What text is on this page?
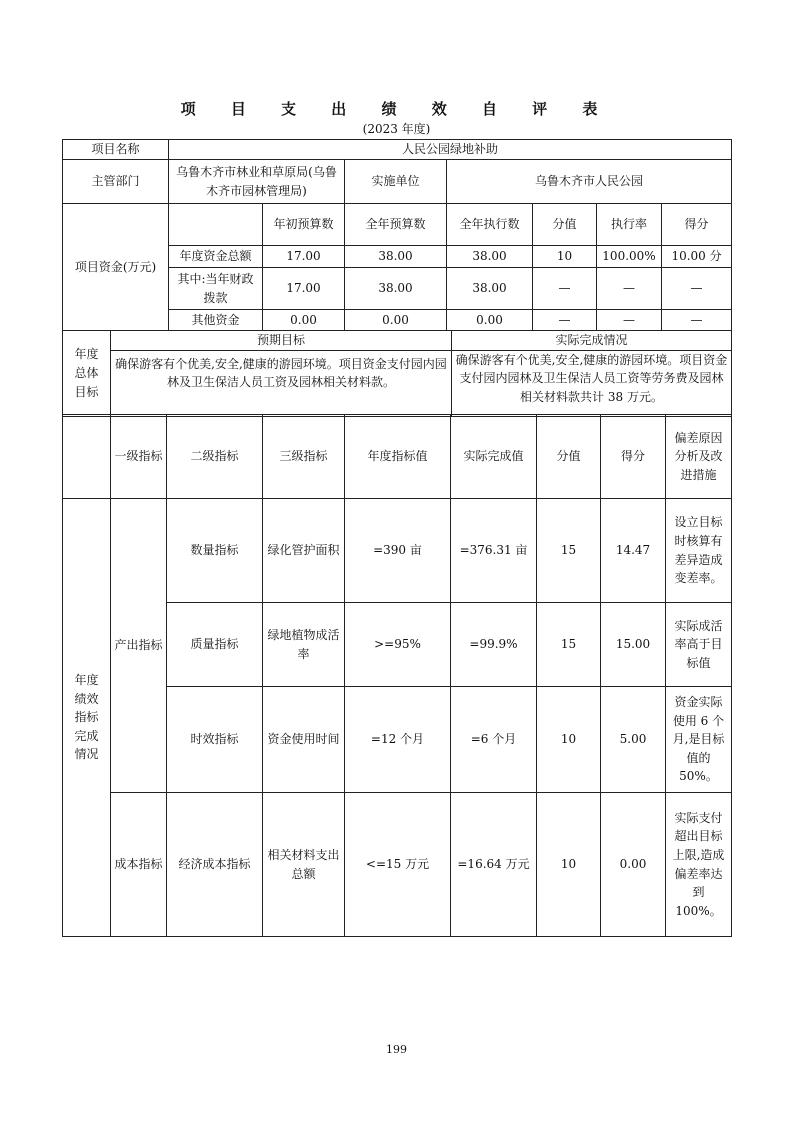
项 目 支 出 绩 效 自 评 表
(2023 年度)
项目名称	人民公园绿地补助						
主管部门	乌鲁木齐市林业和草原局(乌鲁木齐市园林管理局)		实施单位	乌鲁木齐市人民公园			
项目资金(万元)		年初预算数	全年预算数	全年执行数	分值	执行率	得分
	年度资金总额	17.00	38.00	38.00	10	100.00%	10.00 分
	其中:当年财政拨款	17.00	38.00	38.00	—	—	—
	其他资金	0.00	0.00	0.00	—	—	—
年度总体目标	预期目标	实际完成情况
	确保游客有个优美,安全,健康的游园环境。项目资金支付园内园林及卫生保洁人员工资及园林相关材料款。	确保游客有个优美,安全,健康的游园环境。项目资金支付园内园林及卫生保洁人员工资等劳务费及园林相关材料款共计 38 万元。
	一级指标	二级指标	三级指标	年度指标值	实际完成值	分值	得分	偏差原因分析及改进措施
年度绩效指标完成情况	产出指标	数量指标	绿化管护面积	=390 亩	=376.31 亩	15	14.47	设立目标时核算有差异造成变差率。
		质量指标	绿地植物成活率	>=95%	=99.9%	15	15.00	实际成活率高于目标值
		时效指标	资金使用时间	=12 个月	=6 个月	10	5.00	资金实际使用 6 个月,是目标值的 50%。
	成本指标	经济成本指标	相关材料支出总额	<=15 万元	=16.64 万元	10	0.00	实际支付超出目标上限,造成偏差率达到 100%。
199
